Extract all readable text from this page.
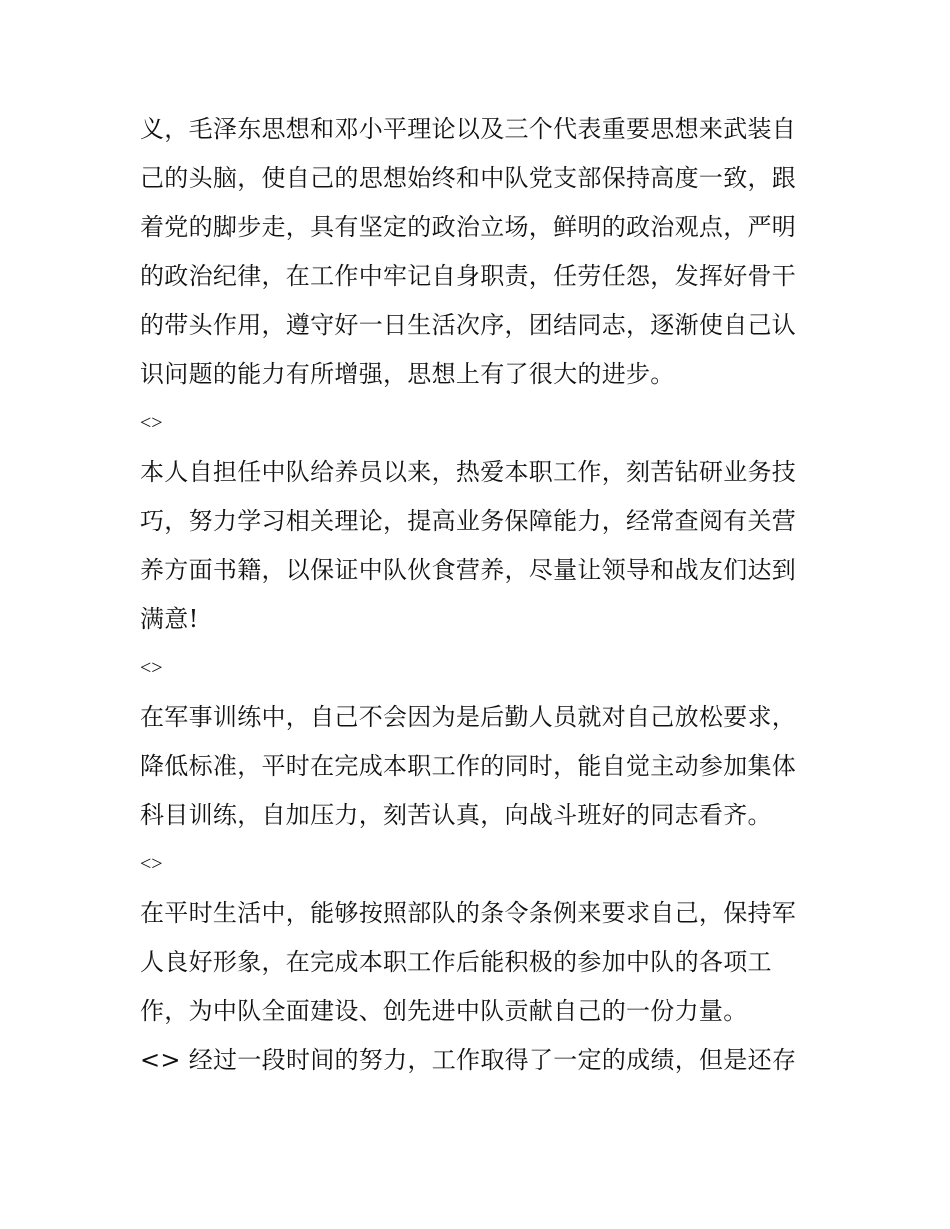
义，毛泽东思想和邓小平理论以及三个代表重要思想来武装自
己的头脑，使自己的思想始终和中队党支部保持高度一致，跟
着党的脚步走，具有坚定的政治立场，鲜明的政治观点，严明
的政治纪律，在工作中牢记自身职责，任劳任怨，发挥好骨干
的带头作用，遵守好一日生活次序，团结同志，逐渐使自己认
识问题的能力有所增强，思想上有了很大的进步。
<>
本人自担任中队给养员以来，热爱本职工作，刻苦钻研业务技
巧，努力学习相关理论，提高业务保障能力，经常查阅有关营
养方面书籍，以保证中队伙食营养，尽量让领导和战友们达到
满意!
<>
在军事训练中，自己不会因为是后勤人员就对自己放松要求，
降低标准，平时在完成本职工作的同时，能自觉主动参加集体
科目训练，自加压力，刻苦认真，向战斗班好的同志看齐。
<>
在平时生活中，能够按照部队的条令条例来要求自己，保持军
人良好形象，在完成本职工作后能积极的参加中队的各项工
作，为中队全面建设、创先进中队贡献自己的一份力量。
<> 经过一段时间的努力，工作取得了一定的成绩，但是还存
